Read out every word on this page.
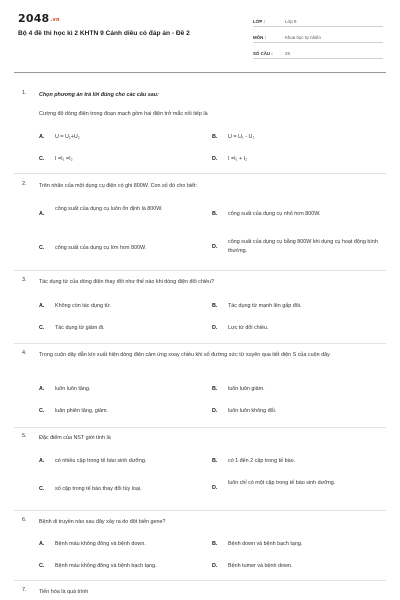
2048.vn
Bộ 4 đề thi học kì 2 KHTN 9 Cánh diều có đáp án - Đề 2
LỚP :	Lớp 9
MÔN :	Khoa học tự nhiên
SỐ CÂU :	25
1. Chọn phương án trả lời đúng cho các câu sau:
Cường độ dòng điện trong đoạn mạch gồm hai điện trở mắc nối tiếp là
A.	U = U₁+U₂	B.	U = U₁ - U₂
C.	I =I₁ =I₂	D.	I =I₁ + I₂
2. Trên nhãn của một dụng cụ điện có ghi 800W. Con số đó cho biết:
A.
công suất của dụng cụ luôn ổn định là 800W.
B.	công suất của dụng cụ nhỏ hơn 800W.
C.	công suất của dụng cụ lớn hơn 800W.	D.
công suất của dụng cụ bằng 800W khi dụng cụ hoạt động bình thường.
3. Tác dụng từ của dòng điện thay đổi như thế nào khi dòng điện đổi chiều?
A.	Không còn tác dụng từ.	B.	Tác dụng từ mạnh lên gấp đôi.
C.	Tác dụng từ giảm đi.	D.	Lực từ đổi chiều.
4. Trong cuộn dây dẫn kín xuất hiện dòng điện cảm ứng xoay chiều khi số đường sức từ xuyên qua tiết diện S của cuộn dây
A.	luôn luôn tăng.	B.	luôn luôn giảm.
C.	luân phiên tăng, giảm.	D.	luôn luôn không đổi.
5. Đặc điểm của NST giới tính là
A.	có nhiều cặp trong tế bào sinh dưỡng.	B.	có 1 đến 2 cặp trong tế bào.
C.	số cặp trong tế bào thay đổi tùy loại.	D.
luôn chỉ có một cặp trong tế bào sinh dưỡng.
6. Bệnh di truyền nào sau đây xảy ra do đột biến gene?
A.	Bệnh máu không đông và bệnh down.	B.	Bệnh down và bệnh bạch tạng.
C.	Bệnh máu không đông và bệnh bạch tạng.	D.	Bệnh tumer và bệnh down.
7. Tiến hóa là quá trình
